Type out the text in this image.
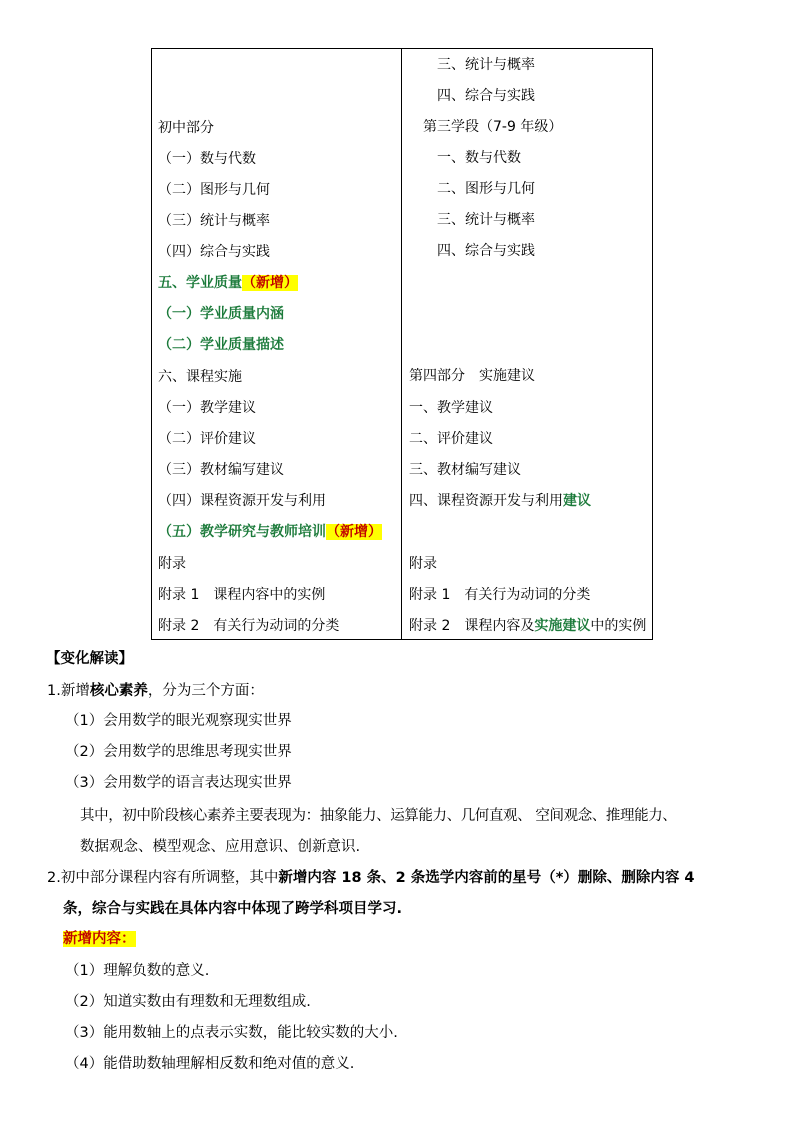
初中部分
（一）数与代数
（二）图形与几何
（三）统计与概率
（四）综合与实践
五、学业质量（新增）
（一）学业质量内涵
（二）学业质量描述
六、课程实施
（一）教学建议
（二）评价建议
（三）教材编写建议
（四）课程资源开发与利用
（五）教学研究与教师培训（新增）
附录
附录 1　课程内容中的实例
附录 2　有关行为动词的分类
三、统计与概率
四、综合与实践
第三学段（7-9 年级）
一、数与代数
二、图形与几何
三、统计与概率
四、综合与实践
第四部分　实施建议
一、教学建议
二、评价建议
三、教材编写建议
四、课程资源开发与利用建议
附录
附录 1　有关行为动词的分类
附录 2　课程内容及实施建议中的实例
【变化解读】
1.新增核心素养，分为三个方面：
（1）会用数学的眼光观察现实世界
（2）会用数学的思维思考现实世界
（3）会用数学的语言表达现实世界
其中，初中阶段核心素养主要表现为：抽象能力、运算能力、几何直观、 空间观念、推理能力、
数据观念、模型观念、应用意识、创新意识.
2.初中部分课程内容有所调整，其中新增内容 18 条、2 条选学内容前的星号（*）删除、删除内容 4
条，综合与实践在具体内容中体现了跨学科项目学习.
新增内容：
（1）理解负数的意义.
（2）知道实数由有理数和无理数组成.
（3）能用数轴上的点表示实数，能比较实数的大小.
（4）能借助数轴理解相反数和绝对值的意义.
